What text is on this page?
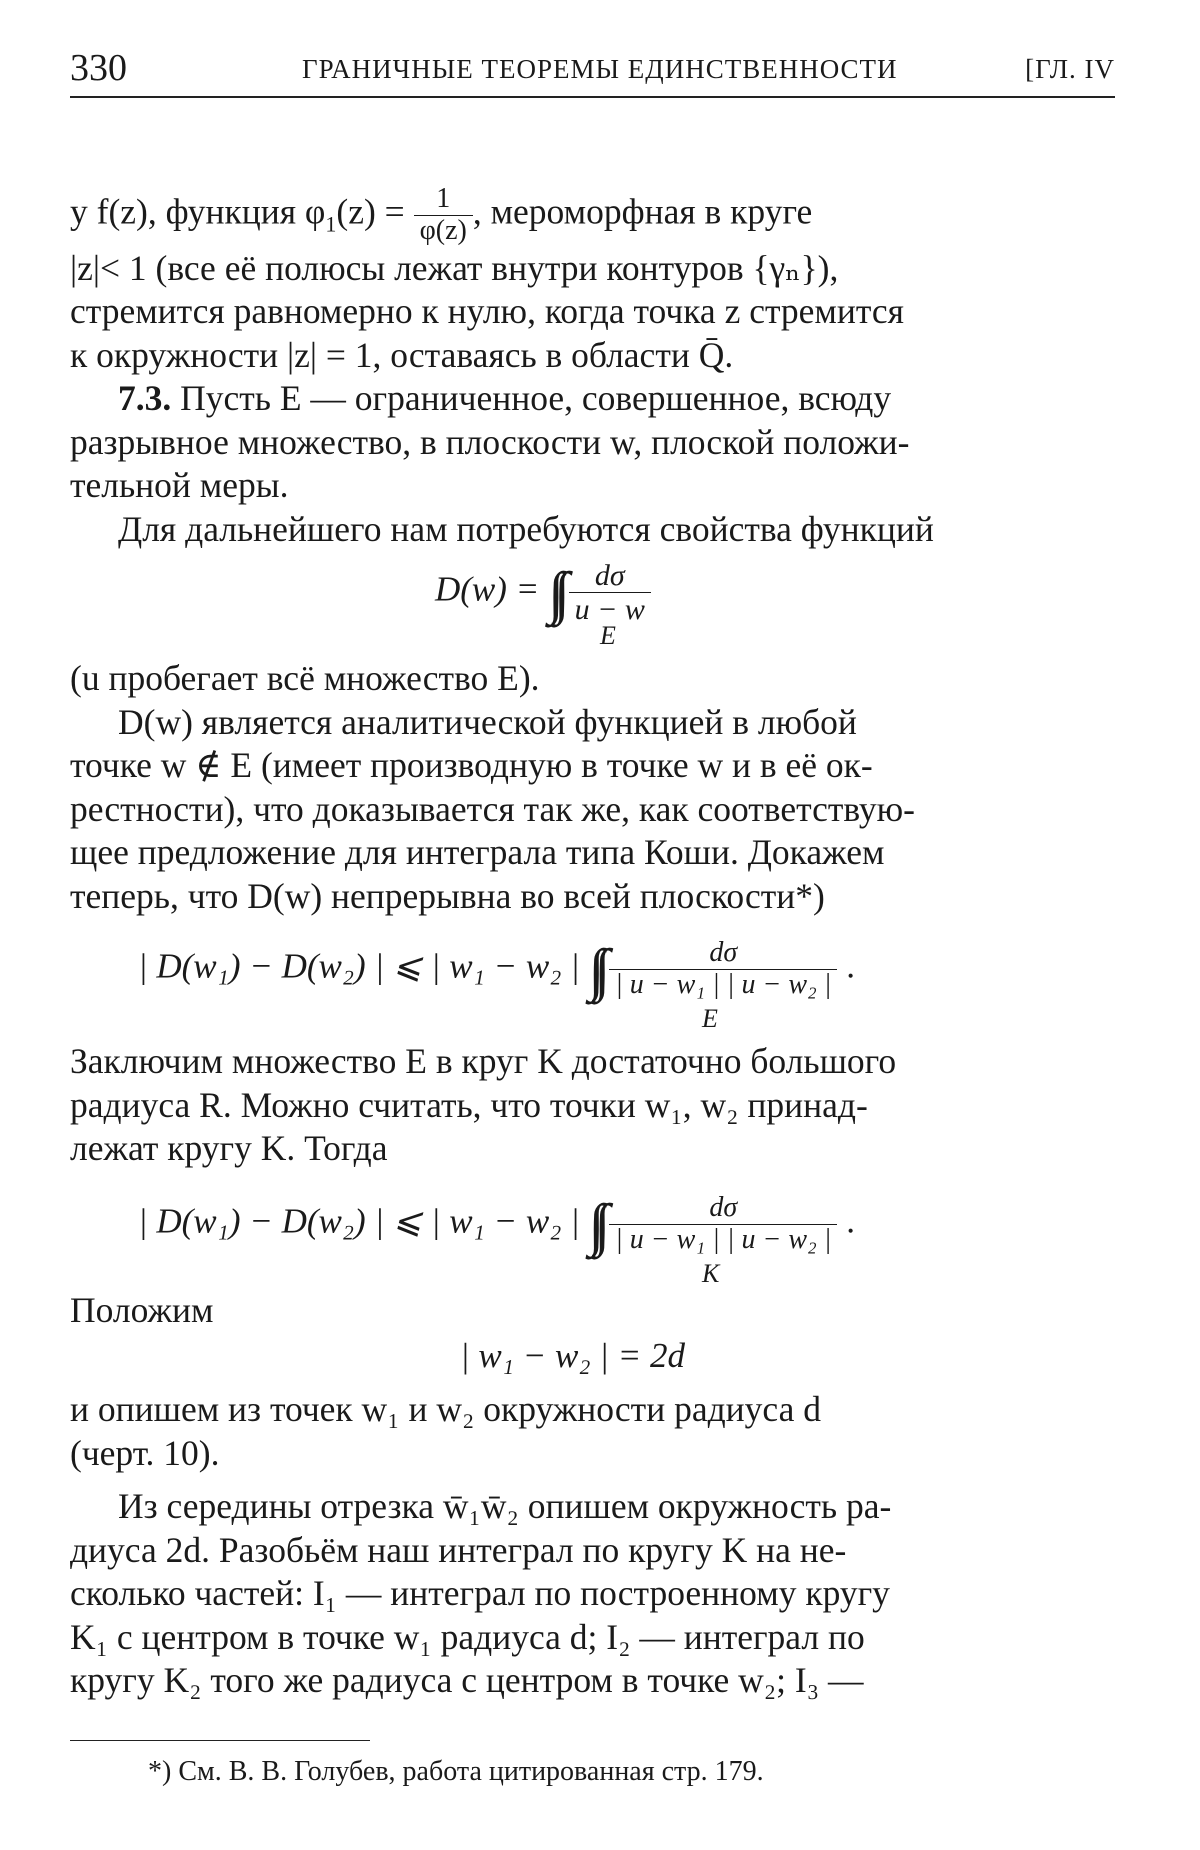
330	ГРАНИЧНЫЕ ТЕОРЕМЫ ЕДИНСТВЕННОСТИ	[ГЛ. IV

у f(z), функция $\varphi_1(z) = \frac{1}{\varphi(z)}$ , мероморфная в круге

|z|< 1 (все её полюсы лежат внутри контуров {γₙ}),

стремится равномерно к нулю, когда точка z стремится

к окружности |z| = 1, оставаясь в области Q̄.

7.3. Пусть E — ограниченное, совершенное, всюду

разрывное множество, в плоскости w, плоской положи-

тельной меры.

Для дальнейшего нам потребуются свойства функций

D(w) = ∫∫ $\frac{d\sigma}{u - w}$
E

(u пробегает всё множество E).

D(w) является аналитической функцией в любой

точке w ∉ E (имеет производную в точке w и в её ок-

рестности), что доказывается так же, как соответствую-

щее предложение для интеграла типа Коши. Докажем

теперь, что D(w) непрерывна во всей плоскости*)

| D(w₁) − D(w₂) | ⩽ | w₁ − w₂ | ∫∫ $\frac{d\sigma}{\text{| u − w₁ | | u − w₂ |}}$ .
E

Заключим множество E в круг K достаточно большого

радиуса R. Можно считать, что точки w₁, w₂ принад-

лежат кругу K. Тогда

| D(w₁) − D(w₂) | ⩽ | w₁ − w₂ | ∫∫ $\frac{d\sigma}{\text{| u − w₁ | | u − w₂ |}}$ .
K

Положим

| w₁ − w₂ | = 2d

и опишем из точек w₁ и w₂ окружности радиуса d

(черт. 10).

Из середины отрезка w̄₁w̄₂ опишем окружность ра-

диуса 2d. Разобьём наш интеграл по кругу K на не-

сколько частей: I₁ — интеграл по построенному кругу

K₁ с центром в точке w₁ радиуса d; I₂ — интеграл по

кругу K₂ того же радиуса с центром в точке w₂; I₃ —

*) См. В. В. Голубев, работа цитированная стр. 179.
